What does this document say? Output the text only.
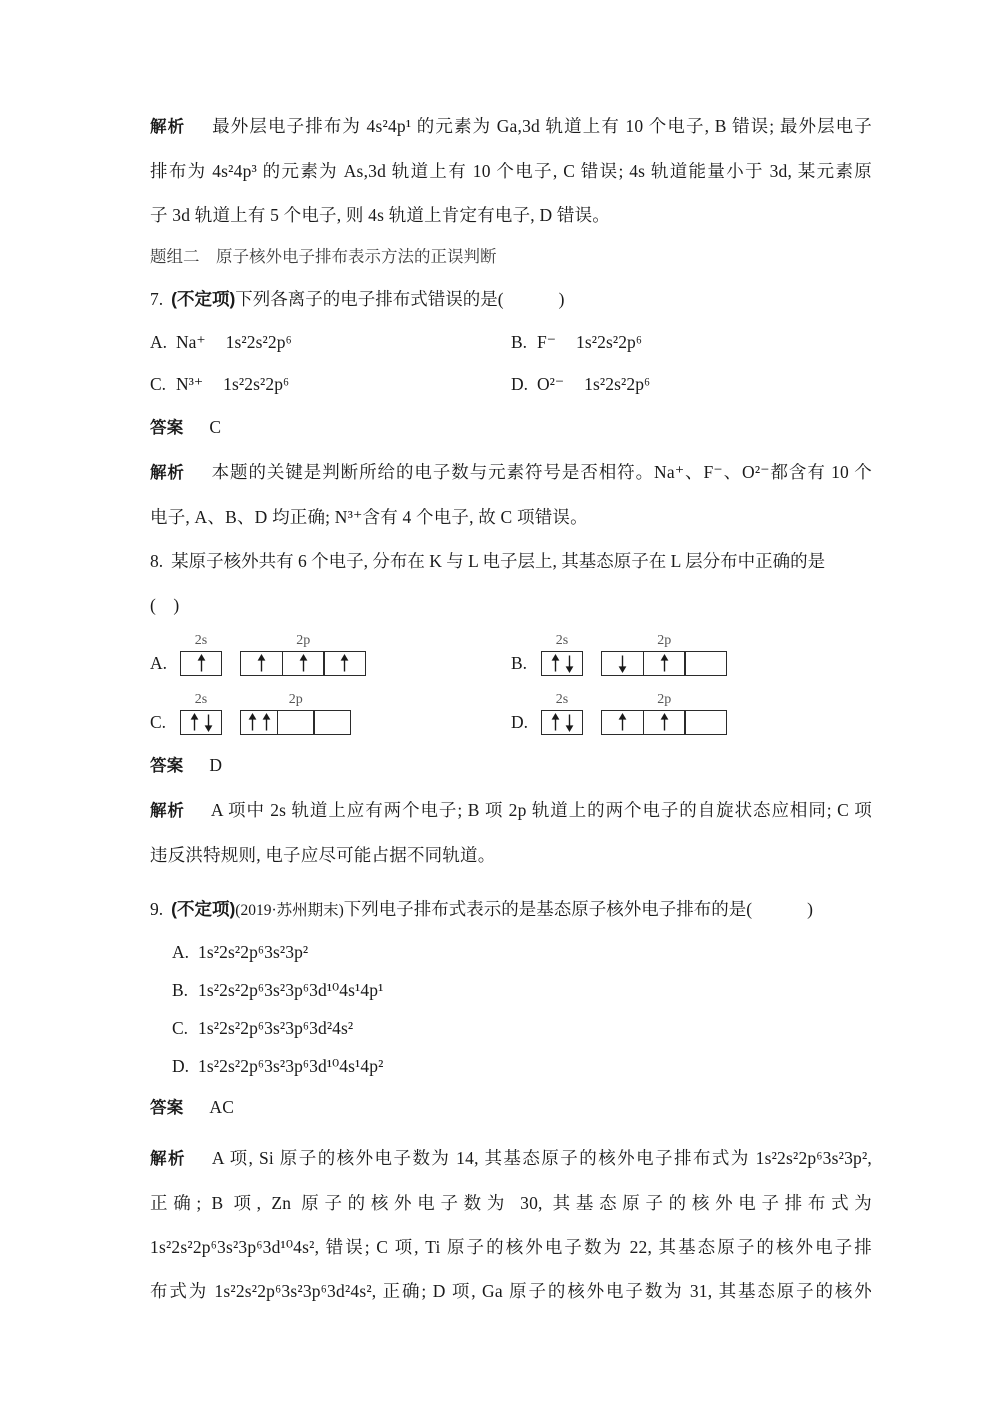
解析 最外层电子排布为 4s²4p¹ 的元素为 Ga,3d 轨道上有 10 个电子, B 错误; 最外层电子
排布为 4s²4p³ 的元素为 As,3d 轨道上有 10 个电子, C 错误; 4s 轨道能量小于 3d, 某元素原
子 3d 轨道上有 5 个电子, 则 4s 轨道上肯定有电子, D 错误。
题组二　原子核外电子排布表示方法的正误判断
7. (不定项)下列各离子的电子排布式错误的是(　　	)
A. Na⁺ 1s²2s²2p⁶	B. F⁻ 1s²2s²2p⁶
C. N³⁺ 1s²2s²2p⁶	D. O²⁻ 1s²2s²2p⁶
答案 C
解析 本题的关键是判断所给的电子数与元素符号是否相符。Na⁺、F⁻、O²⁻都含有 10 个
电子, A、B、D 均正确; N³⁺含有 4 个电子, 故 C 项错误。
8. 某原子核外共有 6 个电子, 分布在 K 与 L 电子层上, 其基态原子在 L 层分布中正确的是
(　)
A.
2s	2p
B.
2s	2p
C.
2s	2p
D.
2s	2p
答案 D
解析 A 项中 2s 轨道上应有两个电子; B 项 2p 轨道上的两个电子的自旋状态应相同; C 项
违反洪特规则, 电子应尽可能占据不同轨道。
9. (不定项)(2019·苏州期末)下列电子排布式表示的是基态原子核外电子排布的是(　　	)
A. 1s²2s²2p⁶3s²3p²
B. 1s²2s²2p⁶3s²3p⁶3d¹⁰4s¹4p¹
C. 1s²2s²2p⁶3s²3p⁶3d²4s²
D. 1s²2s²2p⁶3s²3p⁶3d¹⁰4s¹4p²
答案 AC
解析 A 项, Si 原子的核外电子数为 14, 其基态原子的核外电子排布式为 1s²2s²2p⁶3s²3p²,
正确; B 项, Zn 原子的核外电子数为 30, 其基态原子的核外电子排布式为
1s²2s²2p⁶3s²3p⁶3d¹⁰4s², 错误; C 项, Ti 原子的核外电子数为 22, 其基态原子的核外电子排
布式为 1s²2s²2p⁶3s²3p⁶3d²4s², 正确; D 项, Ga 原子的核外电子数为 31, 其基态原子的核外
